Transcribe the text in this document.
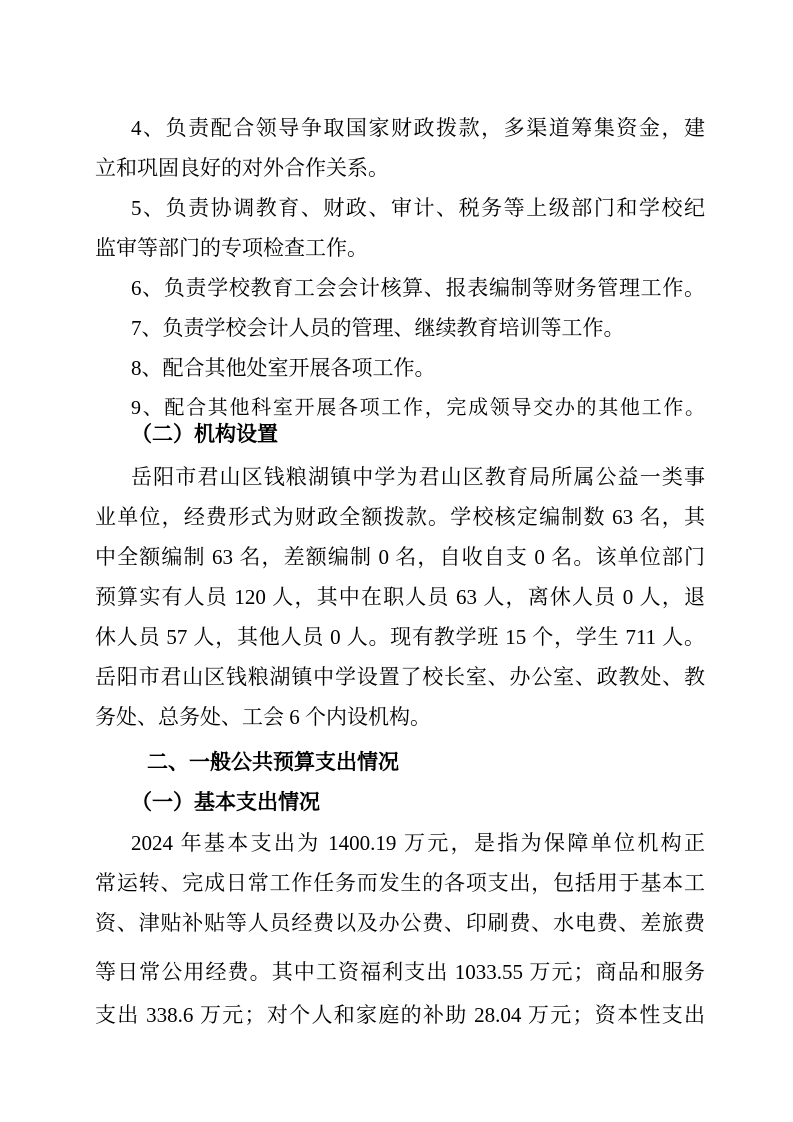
4、负责配合领导争取国家财政拨款，多渠道筹集资金，建
立和巩固良好的对外合作关系。
5、负责协调教育、财政、审计、税务等上级部门和学校纪
监审等部门的专项检查工作。
6、负责学校教育工会会计核算、报表编制等财务管理工作。
7、负责学校会计人员的管理、继续教育培训等工作。
8、配合其他处室开展各项工作。
9、配合其他科室开展各项工作，完成领导交办的其他工作。
（二）机构设置
岳阳市君山区钱粮湖镇中学为君山区教育局所属公益一类事
业单位，经费形式为财政全额拨款。学校核定编制数 63 名，其
中全额编制 63 名，差额编制 0 名，自收自支 0 名。该单位部门
预算实有人员 120 人，其中在职人员 63 人，离休人员 0 人，退
休人员 57 人，其他人员 0 人。现有教学班 15 个，学生 711 人。
岳阳市君山区钱粮湖镇中学设置了校长室、办公室、政教处、教
务处、总务处、工会 6 个内设机构。
二、一般公共预算支出情况
（一）基本支出情况
2024 年基本支出为 1400.19 万元，是指为保障单位机构正
常运转、完成日常工作任务而发生的各项支出，包括用于基本工
资、津贴补贴等人员经费以及办公费、印刷费、水电费、差旅费
等日常公用经费。其中工资福利支出 1033.55 万元；商品和服务
支出 338.6 万元；对个人和家庭的补助 28.04 万元；资本性支出
